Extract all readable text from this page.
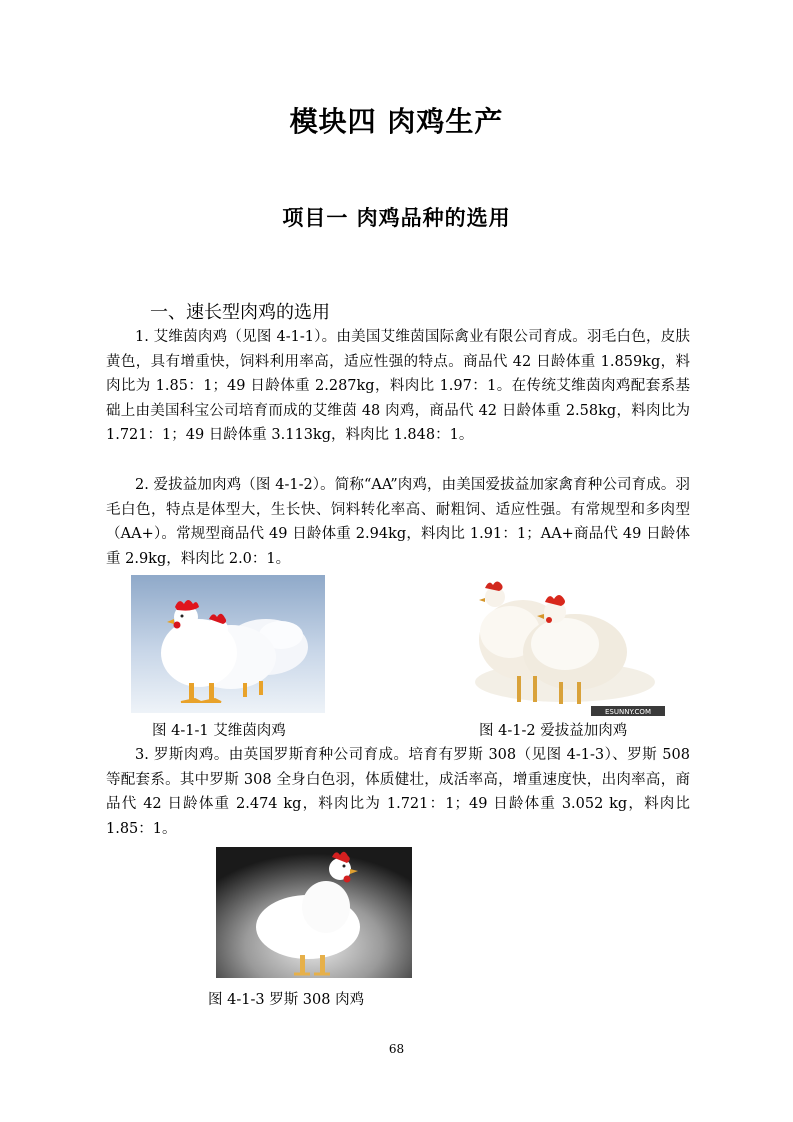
模块四 肉鸡生产
项目一 肉鸡品种的选用
一、速长型肉鸡的选用

1. 艾维茵肉鸡（见图 4-1-1）。由美国艾维茵国际禽业有限公司育成。羽毛白色，皮肤黄色，具有增重快，饲料利用率高，适应性强的特点。商品代 42 日龄体重 1.859kg，料肉比为 1.85：1；49 日龄体重 2.287kg，料肉比 1.97：1。在传统艾维茵肉鸡配套系基础上由美国科宝公司培育而成的艾维茵 48 肉鸡，商品代 42 日龄体重 2.58kg，料肉比为 1.721：1；49 日龄体重 3.113kg，料肉比 1.848：1。

2. 爱拔益加肉鸡（图 4-1-2）。简称“AA”肉鸡，由美国爱拔益加家禽育种公司育成。羽毛白色，特点是体型大，生长快、饲料转化率高、耐粗饲、适应性强。有常规型和多肉型（AA+）。常规型商品代 49 日龄体重 2.94kg，料肉比 1.91：1；AA+商品代 49 日龄体重 2.9kg，料肉比 2.0：1。

ESUNNY.COM
图 4-1-1 艾维茵肉鸡	图 4-1-2 爱拔益加肉鸡

3. 罗斯肉鸡。由英国罗斯育种公司育成。培育有罗斯 308（见图 4-1-3）、罗斯 508 等配套系。其中罗斯 308 全身白色羽，体质健壮，成活率高，增重速度快，出肉率高，商品代 42 日龄体重 2.474 kg，料肉比为 1.721：1；49 日龄体重 3.052 kg，料肉比 1.85：1。

图 4-1-3 罗斯 308 肉鸡
68
